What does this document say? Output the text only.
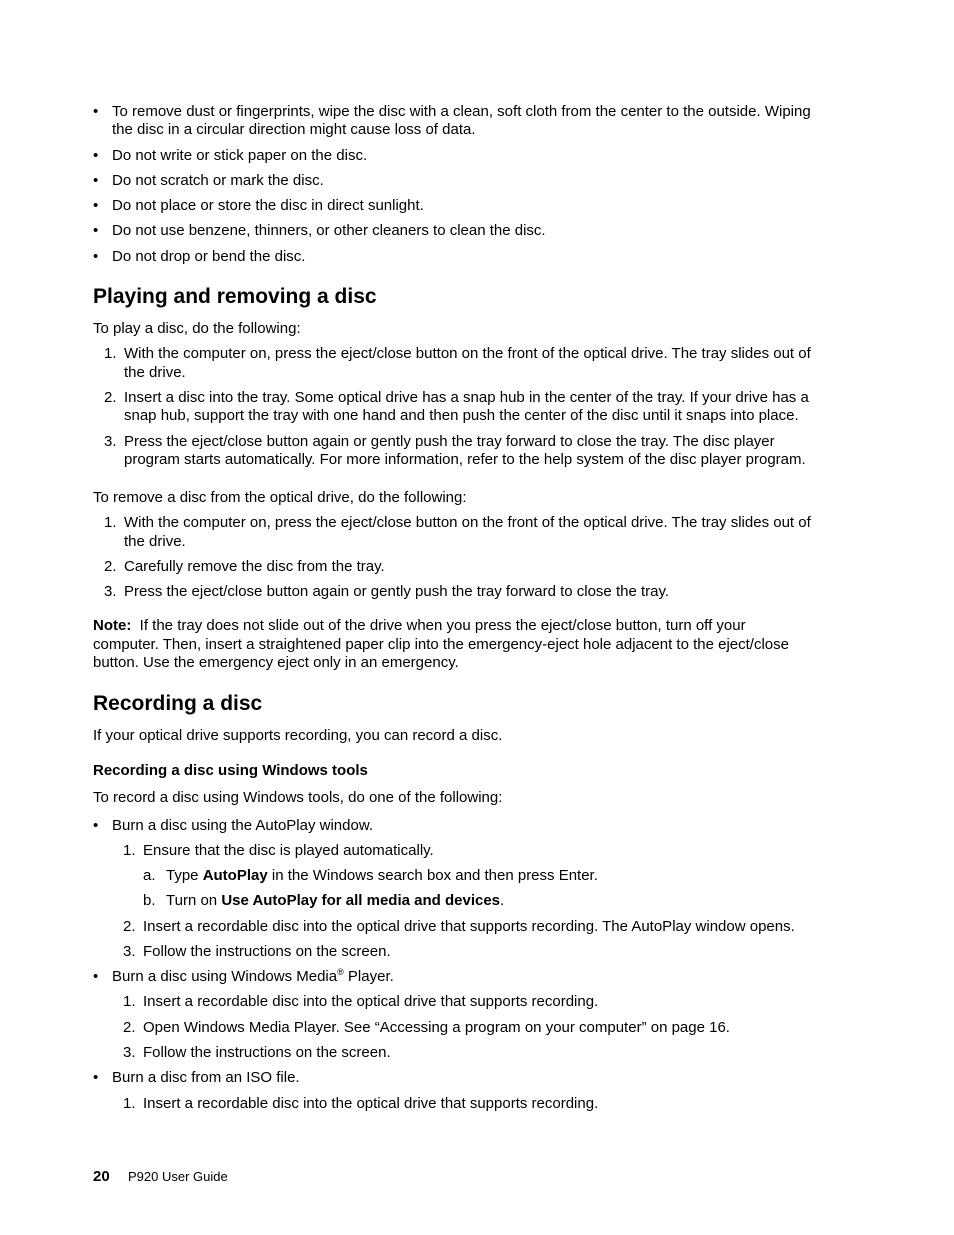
• To remove dust or fingerprints, wipe the disc with a clean, soft cloth from the center to the outside. Wiping
the disc in a circular direction might cause loss of data.
• Do not write or stick paper on the disc.
• Do not scratch or mark the disc.
• Do not place or store the disc in direct sunlight.
• Do not use benzene, thinners, or other cleaners to clean the disc.
• Do not drop or bend the disc.
Playing and removing a disc
To play a disc, do the following:
1. With the computer on, press the eject/close button on the front of the optical drive. The tray slides out of
the drive.
2. Insert a disc into the tray. Some optical drive has a snap hub in the center of the tray. If your drive has a
snap hub, support the tray with one hand and then push the center of the disc until it snaps into place.
3. Press the eject/close button again or gently push the tray forward to close the tray. The disc player
program starts automatically. For more information, refer to the help system of the disc player program.
To remove a disc from the optical drive, do the following:
1. With the computer on, press the eject/close button on the front of the optical drive. The tray slides out of
the drive.
2. Carefully remove the disc from the tray.
3. Press the eject/close button again or gently push the tray forward to close the tray.
Note: If the tray does not slide out of the drive when you press the eject/close button, turn off your
computer. Then, insert a straightened paper clip into the emergency-eject hole adjacent to the eject/close
button. Use the emergency eject only in an emergency.
Recording a disc
If your optical drive supports recording, you can record a disc.
Recording a disc using Windows tools
To record a disc using Windows tools, do one of the following:
• Burn a disc using the AutoPlay window.
1. Ensure that the disc is played automatically.
a. Type AutoPlay in the Windows search box and then press Enter.
b. Turn on Use AutoPlay for all media and devices.
2. Insert a recordable disc into the optical drive that supports recording. The AutoPlay window opens.
3. Follow the instructions on the screen.
• Burn a disc using Windows Media® Player.
1. Insert a recordable disc into the optical drive that supports recording.
2. Open Windows Media Player. See “Accessing a program on your computer” on page 16.
3. Follow the instructions on the screen.
• Burn a disc from an ISO file.
1. Insert a recordable disc into the optical drive that supports recording.
20 P920 User Guide
